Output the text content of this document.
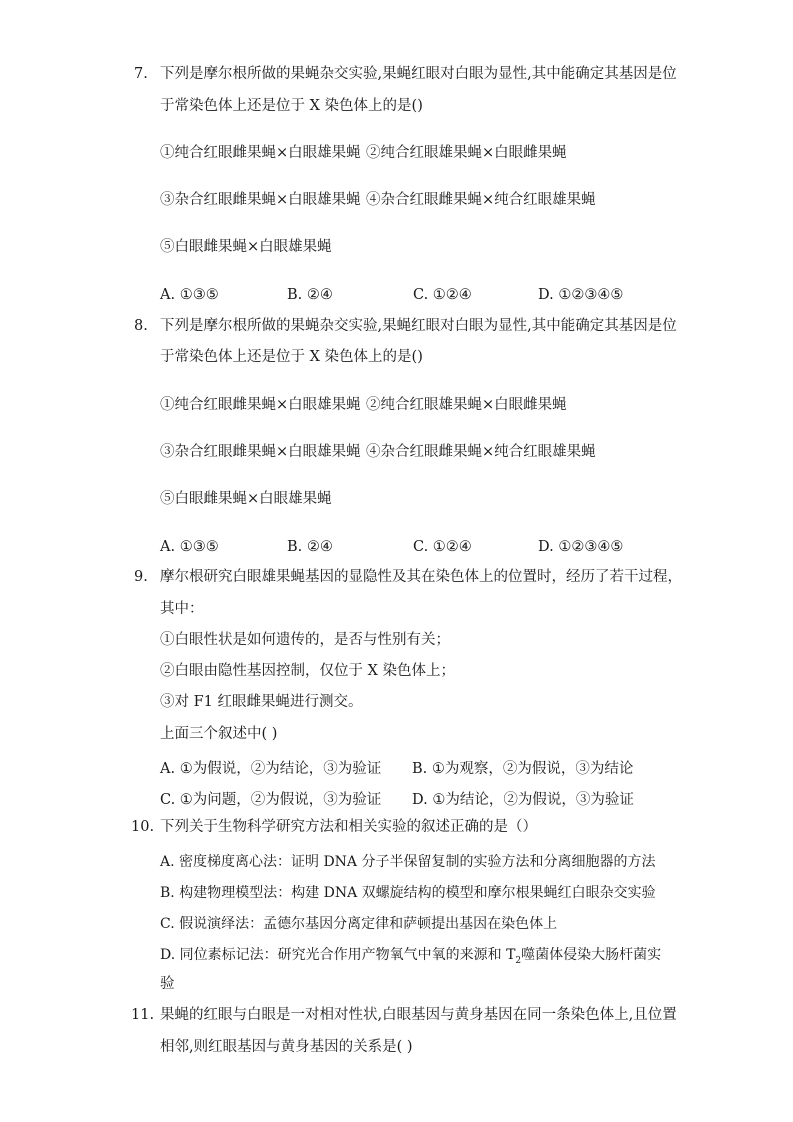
7. 下列是摩尔根所做的果蝇杂交实验,果蝇红眼对白眼为显性,其中能确定其基因是位
于常染色体上还是位于 X 染色体上的是()
①纯合红眼雌果蝇×白眼雄果蝇 ②纯合红眼雄果蝇×白眼雌果蝇
③杂合红眼雌果蝇×白眼雄果蝇 ④杂合红眼雌果蝇×纯合红眼雄果蝇
⑤白眼雌果蝇×白眼雄果蝇
A. ①③⑤	B. ②④	C. ①②④	D. ①②③④⑤
8. 下列是摩尔根所做的果蝇杂交实验,果蝇红眼对白眼为显性,其中能确定其基因是位
于常染色体上还是位于 X 染色体上的是()
①纯合红眼雌果蝇×白眼雄果蝇 ②纯合红眼雄果蝇×白眼雌果蝇
③杂合红眼雌果蝇×白眼雄果蝇 ④杂合红眼雌果蝇×纯合红眼雄果蝇
⑤白眼雌果蝇×白眼雄果蝇
A. ①③⑤	B. ②④	C. ①②④	D. ①②③④⑤
9. 摩尔根研究白眼雄果蝇基因的显隐性及其在染色体上的位置时，经历了若干过程，
其中：
①白眼性状是如何遗传的，是否与性别有关；
②白眼由隐性基因控制，仅位于 X 染色体上；
③对 F1 红眼雌果蝇进行测交。
上面三个叙述中( )
A. ①为假说，②为结论，③为验证 B. ①为观察，②为假说，③为结论
C. ①为问题，②为假说，③为验证 D. ①为结论，②为假说，③为验证
10. 下列关于生物科学研究方法和相关实验的叙述正确的是（）
A. 密度梯度离心法：证明 DNA 分子半保留复制的实验方法和分离细胞器的方法
B. 构建物理模型法：构建 DNA 双螺旋结构的模型和摩尔根果蝇红白眼杂交实验
C. 假说演绎法：孟德尔基因分离定律和萨顿提出基因在染色体上
D. 同位素标记法：研究光合作用产物氧气中氧的来源和 $T_2$噬菌体侵染大肠杆菌实
验
11. 果蝇的红眼与白眼是一对相对性状,白眼基因与黄身基因在同一条染色体上,且位置
相邻,则红眼基因与黄身基因的关系是( )
